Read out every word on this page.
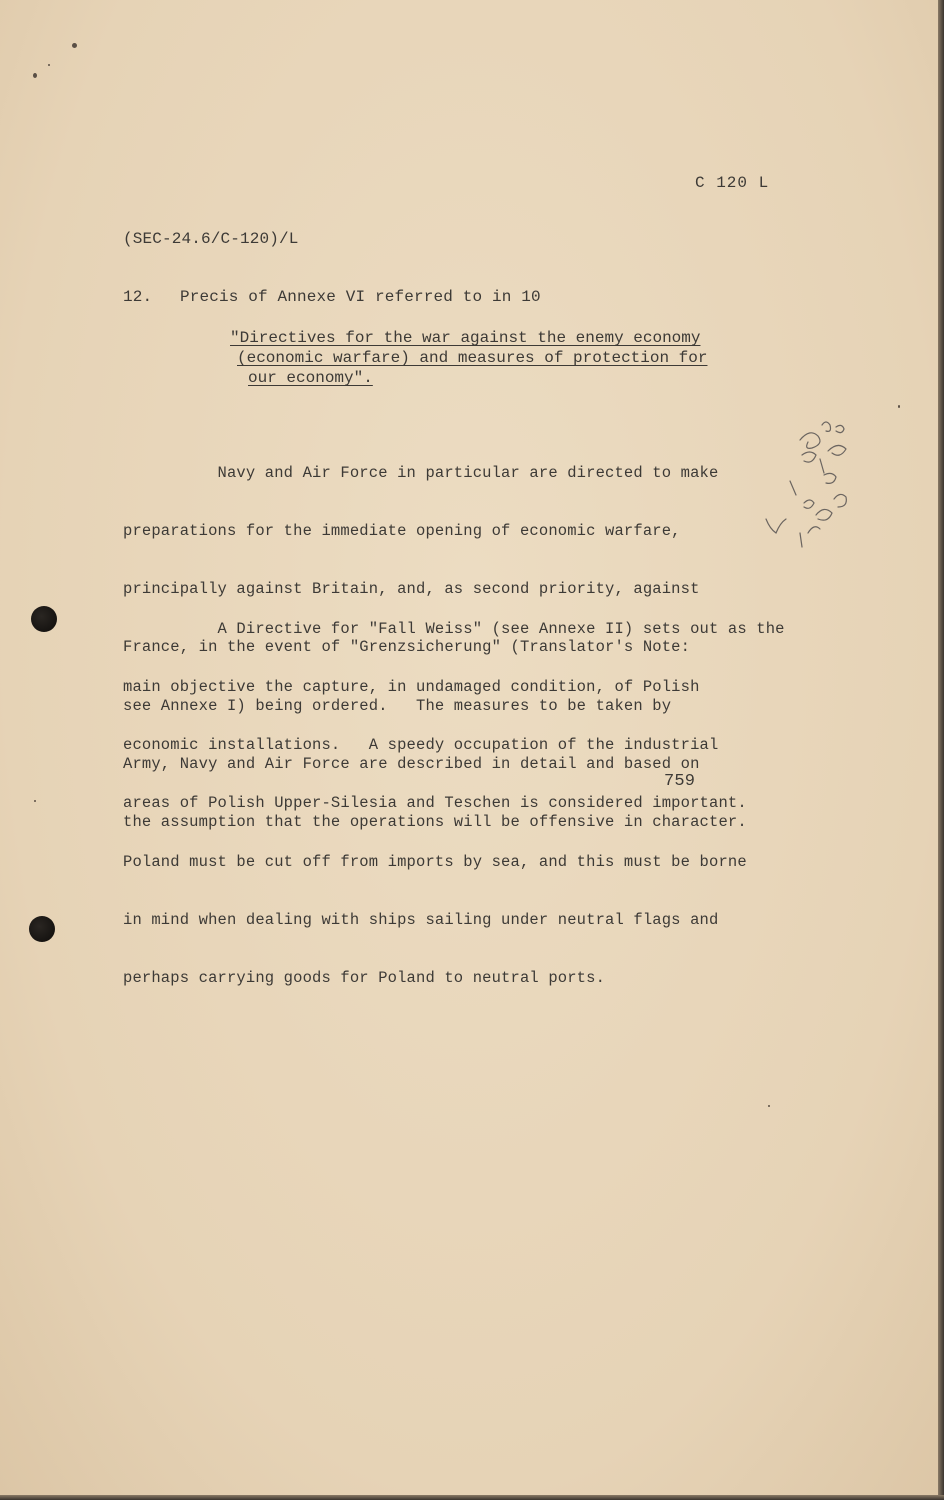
C 120 L
(SEC-24.6/C-120)/L
12. Precis of Annexe VI referred to in 10
"Directives for the war against the enemy economy
(economic warfare) and measures of protection for
our economy".

Navy and Air Force in particular are directed to make

preparations for the immediate opening of economic warfare,

principally against Britain, and, as second priority, against

France, in the event of "Grenzsicherung" (Translator's Note:

see Annexe I) being ordered.   The measures to be taken by

Army, Navy and Air Force are described in detail and based on

the assumption that the operations will be offensive in character.

A Directive for "Fall Weiss" (see Annexe II) sets out as the

main objective the capture, in undamaged condition, of Polish

economic installations.   A speedy occupation of the industrial

areas of Polish Upper-Silesia and Teschen is considered important.

Poland must be cut off from imports by sea, and this must be borne

in mind when dealing with ships sailing under neutral flags and

perhaps carrying goods for Poland to neutral ports.

759
